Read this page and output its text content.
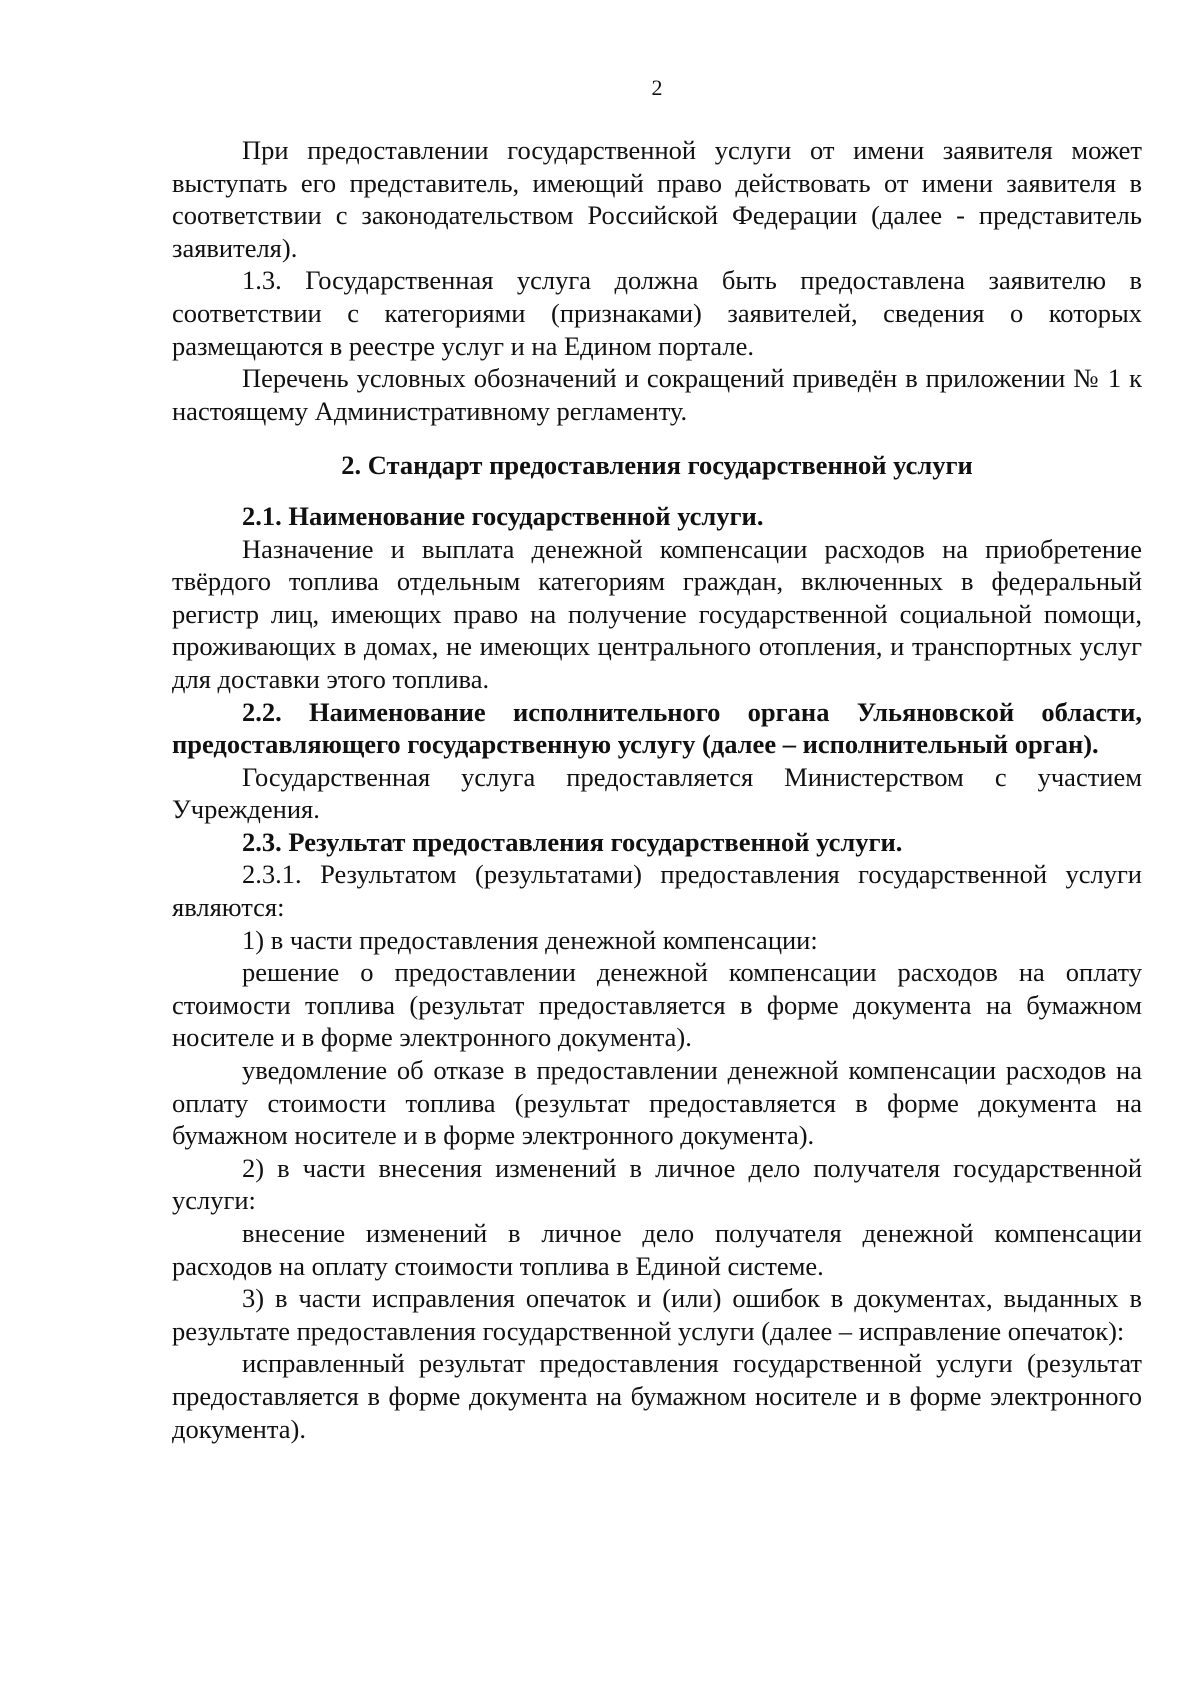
2

При предоставлении государственной услуги от имени заявителя может выступать его представитель, имеющий право действовать от имени заявителя в соответствии с законодательством Российской Федерации (далее - представитель заявителя).

1.3. Государственная услуга должна быть предоставлена заявителю в соответствии с категориями (признаками) заявителей, сведения о которых размещаются в реестре услуг и на Едином портале.

Перечень условных обозначений и сокращений приведён в приложении № 1 к настоящему Административному регламенту.

2. Стандарт предоставления государственной услуги

2.1. Наименование государственной услуги.

Назначение и выплата денежной компенсации расходов на приобретение твёрдого топлива отдельным категориям граждан, включенных в федеральный регистр лиц, имеющих право на получение государственной социальной помощи, проживающих в домах, не имеющих центрального отопления, и транспортных услуг для доставки этого топлива.

2.2. Наименование исполнительного органа Ульяновской области, предоставляющего государственную услугу (далее – исполнительный орган).

Государственная услуга предоставляется Министерством с участием Учреждения.

2.3. Результат предоставления государственной услуги.

2.3.1. Результатом (результатами) предоставления государственной услуги являются:

1) в части предоставления денежной компенсации:

решение о предоставлении денежной компенсации расходов на оплату стоимости топлива (результат предоставляется в форме документа на бумажном носителе и в форме электронного документа).

уведомление об отказе в предоставлении денежной компенсации расходов на оплату стоимости топлива (результат предоставляется в форме документа на бумажном носителе и в форме электронного документа).

2) в части внесения изменений в личное дело получателя государственной услуги:

внесение изменений в личное дело получателя денежной компенсации расходов на оплату стоимости топлива в Единой системе.

3) в части исправления опечаток и (или) ошибок в документах, выданных в результате предоставления государственной услуги (далее – исправление опечаток):

исправленный результат предоставления государственной услуги (результат предоставляется в форме документа на бумажном носителе и в форме электронного документа).
